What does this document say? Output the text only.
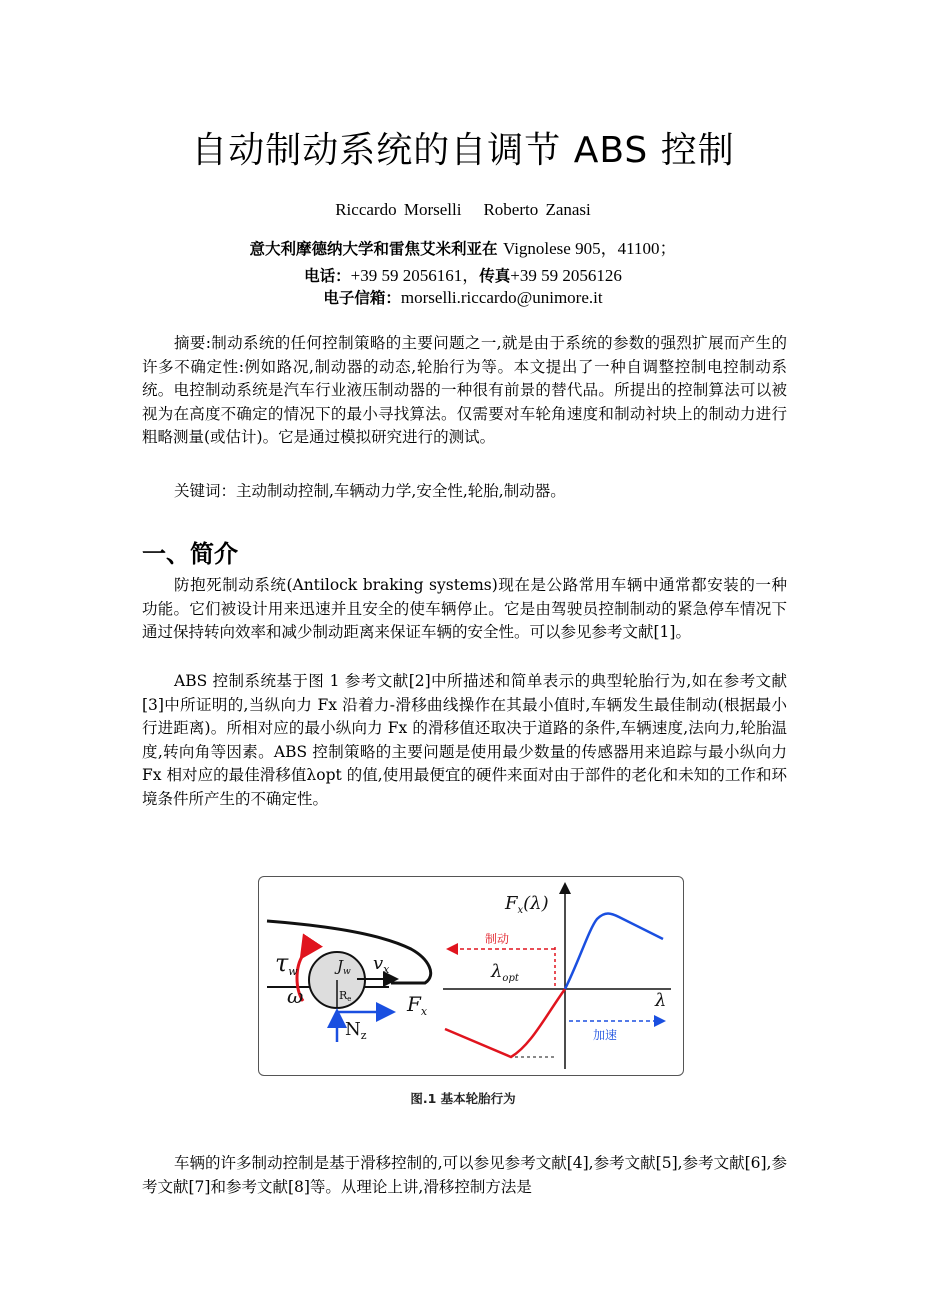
自动制动系统的自调节 ABS 控制
Riccardo Morselli Roberto Zanasi
意大利摩德纳大学和雷焦艾米利亚在 Vignolese 905，41100；
电话：+39 59 2056161，传真+39 59 2056126
电子信箱：morselli.riccardo@unimore.it
摘要:制动系统的任何控制策略的主要问题之一,就是由于系统的参数的强烈扩展而产生的许多不确定性:例如路况,制动器的动态,轮胎行为等。本文提出了一种自调整控制电控制动系统。电控制动系统是汽车行业液压制动器的一种很有前景的替代品。所提出的控制算法可以被视为在高度不确定的情况下的最小寻找算法。仅需要对车轮角速度和制动衬块上的制动力进行粗略测量(或估计)。它是通过模拟研究进行的测试。
关键词：主动制动控制,车辆动力学,安全性,轮胎,制动器。
一、简介
防抱死制动系统(Antilock braking systems)现在是公路常用车辆中通常都安装的一种功能。它们被设计用来迅速并且安全的使车辆停止。它是由驾驶员控制制动的紧急停车情况下通过保持转向效率和减少制动距离来保证车辆的安全性。可以参见参考文献[1]。
ABS 控制系统基于图 1 参考文献[2]中所描述和简单表示的典型轮胎行为,如在参考文献[3]中所证明的,当纵向力 Fx 沿着力-滑移曲线操作在其最小值时,车辆发生最佳制动(根据最小行进距离)。所相对应的最小纵向力 Fx 的滑移值还取决于道路的条件,车辆速度,法向力,轮胎温度,转向角等因素。ABS 控制策略的主要问题是使用最少数量的传感器用来追踪与最小纵向力 Fx 相对应的最佳滑移值λopt 的值,使用最便宜的硬件来面对由于部件的老化和未知的工作和环境条件所产生的不确定性。
τw
ω
$J_w$ $v_x$
Re	$F_x$
$N_z$
$F_x(\lambda)$
λ
制动
$\lambda_{opt}$
加速
图.1 基本轮胎行为
车辆的许多制动控制是基于滑移控制的,可以参见参考文献[4],参考文献[5],参考文献[6],参考文献[7]和参考文献[8]等。从理论上讲,滑移控制方法是
